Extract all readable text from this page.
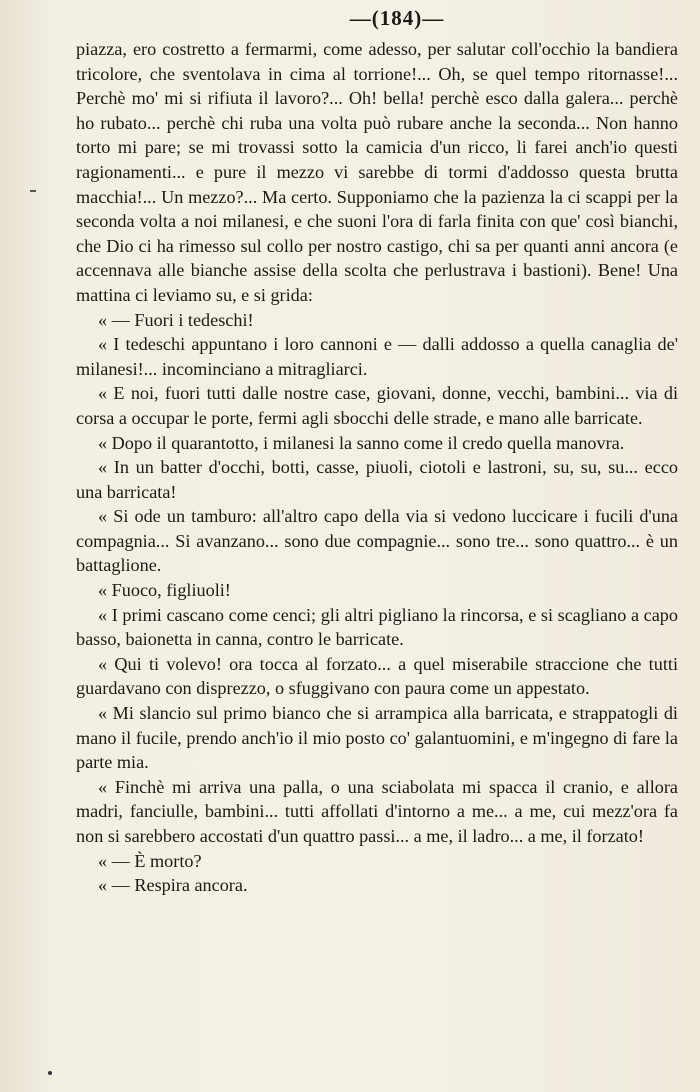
—(184)—

piazza, ero costretto a fermarmi, come adesso, per salutar coll'occhio la bandiera tricolore, che sventolava in cima al torrione!... Oh, se quel tempo ritornasse!... Perchè mo' mi si rifiuta il lavoro?... Oh! bella! perchè esco dalla galera... perchè ho rubato... perchè chi ruba una volta può rubare anche la seconda... Non hanno torto mi pare; se mi trovassi sotto la camicia d'un ricco, li farei anch'io questi ragionamenti... e pure il mezzo vi sarebbe di tormi d'addosso questa brutta macchia!... Un mezzo?... Ma certo. Supponiamo che la pazienza la ci scappi per la seconda volta a noi milanesi, e che suoni l'ora di farla finita con que' così bianchi, che Dio ci ha rimesso sul collo per nostro castigo, chi sa per quanti anni ancora (e accennava alle bianche assise della scolta che perlustrava i bastioni). Bene! Una mattina ci leviamo su, e si grida:

« — Fuori i tedeschi!

« I tedeschi appuntano i loro cannoni e — dalli addosso a quella canaglia de' milanesi!... incominciano a mitragliarci.

« E noi, fuori tutti dalle nostre case, giovani, donne, vecchi, bambini... via di corsa a occupar le porte, fermi agli sbocchi delle strade, e mano alle barricate.

« Dopo il quarantotto, i milanesi la sanno come il credo quella manovra.

« In un batter d'occhi, botti, casse, piuoli, ciotoli e lastroni, su, su, su... ecco una barricata!

« Si ode un tamburo: all'altro capo della via si vedono luccicare i fucili d'una compagnia... Si avanzano... sono due compagnie... sono tre... sono quattro... è un battaglione.

« Fuoco, figliuoli!

« I primi cascano come cenci; gli altri pigliano la rincorsa, e si scagliano a capo basso, baionetta in canna, contro le barricate.

« Qui ti volevo! ora tocca al forzato... a quel miserabile straccione che tutti guardavano con disprezzo, o sfuggivano con paura come un appestato.

« Mi slancio sul primo bianco che si arrampica alla barricata, e strappatogli di mano il fucile, prendo anch'io il mio posto co' galantuomini, e m'ingegno di fare la parte mia.

« Finchè mi arriva una palla, o una sciabolata mi spacca il cranio, e allora madri, fanciulle, bambini... tutti affollati d'intorno a me... a me, cui mezz'ora fa non si sarebbero accostati d'un quattro passi... a me, il ladro... a me, il forzato!

« — È morto?

« — Respira ancora.
